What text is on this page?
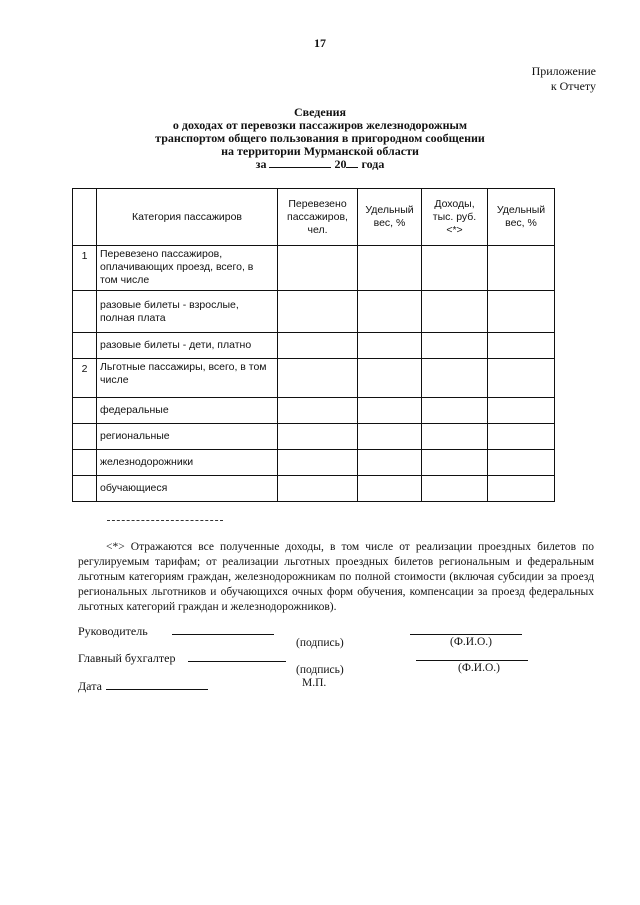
17
Приложение
к Отчету
Сведения
о доходах от перевозки пассажиров железнодорожным
транспортом общего пользования в пригородном сообщении
на территории Мурманской области
за	20 года
	Категория пассажиров	Перевезено пассажиров, чел.	Удельный вес, %	Доходы, тыс. руб. <*>	Удельный вес, %
1	Перевезено пассажиров, оплачивающих проезд, всего, в том числе				
	разовые билеты - взрослые, полная плата				
	разовые билеты - дети, платно				
2	Льготные пассажиры, всего, в том числе				
	федеральные				
	региональные				
	железнодорожники				
	обучающиеся				
<*> Отражаются все полученные доходы, в том числе от реализации проездных билетов по регулируемым тарифам; от реализации льготных проездных билетов региональным и федеральным льготным категориям граждан, железнодорожникам по полной стоимости (включая субсидии за проезд региональных льготников и обучающихся очных форм обучения, компенсации за проезд федеральных льготных категорий граждан и железнодорожников).
Руководитель
(подпись)	(Ф.И.О.)
Главный бухгалтер
(подпись)	(Ф.И.О.)
Дата	М.П.
